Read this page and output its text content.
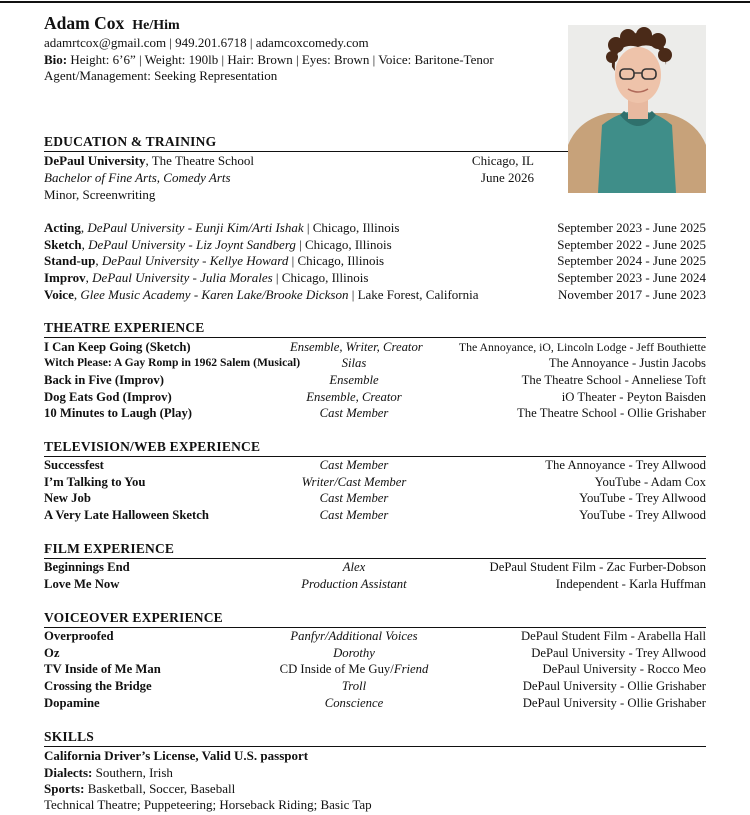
Adam Cox He/Him
adamrtcox@gmail.com | 949.201.6718 | adamcoxcomedy.com
Bio: Height: 6’6” | Weight: 190lb | Hair: Brown | Eyes: Brown | Voice: Baritone-Tenor
Agent/Management: Seeking Representation
EDUCATION & TRAINING
DePaul University, The Theatre School	Chicago, IL
Bachelor of Fine Arts, Comedy Arts	June 2026
Minor, Screenwriting
Acting, DePaul University - Eunji Kim/Arti Ishak | Chicago, Illinois	September 2023 - June 2025
Sketch, DePaul University - Liz Joynt Sandberg | Chicago, Illinois	September 2022 - June 2025
Stand-up, DePaul University - Kellye Howard | Chicago, Illinois	September 2024 - June 2025
Improv, DePaul University - Julia Morales | Chicago, Illinois	September 2023 - June 2024
Voice, Glee Music Academy - Karen Lake/Brooke Dickson | Lake Forest, California	November 2017 - June 2023
THEATRE EXPERIENCE
I Can Keep Going (Sketch)	Ensemble, Writer, Creator	The Annoyance, iO, Lincoln Lodge - Jeff Bouthiette
Witch Please: A Gay Romp in 1962 Salem (Musical)	Silas	The Annoyance - Justin Jacobs
Back in Five (Improv)	Ensemble	The Theatre School - Anneliese Toft
Dog Eats God (Improv)	Ensemble, Creator	iO Theater - Peyton Baisden
10 Minutes to Laugh (Play)	Cast Member	The Theatre School - Ollie Grishaber
TELEVISION/WEB EXPERIENCE
Successfest	Cast Member	The Annoyance - Trey Allwood
I’m Talking to You	Writer/Cast Member	YouTube - Adam Cox
New Job	Cast Member	YouTube - Trey Allwood
A Very Late Halloween Sketch	Cast Member	YouTube - Trey Allwood
FILM EXPERIENCE
Beginnings End	Alex	DePaul Student Film - Zac Furber-Dobson
Love Me Now	Production Assistant	Independent - Karla Huffman
VOICEOVER EXPERIENCE
Overproofed	Panfyr/Additional Voices	DePaul Student Film - Arabella Hall
Oz	Dorothy	DePaul University - Trey Allwood
TV Inside of Me Man	CD Inside of Me Guy/Friend	DePaul University - Rocco Meo
Crossing the Bridge	Troll	DePaul University - Ollie Grishaber
Dopamine	Conscience	DePaul University - Ollie Grishaber
SKILLS
California Driver’s License, Valid U.S. passport
Dialects: Southern, Irish
Sports: Basketball, Soccer, Baseball
Technical Theatre; Puppeteering; Horseback Riding; Basic Tap
